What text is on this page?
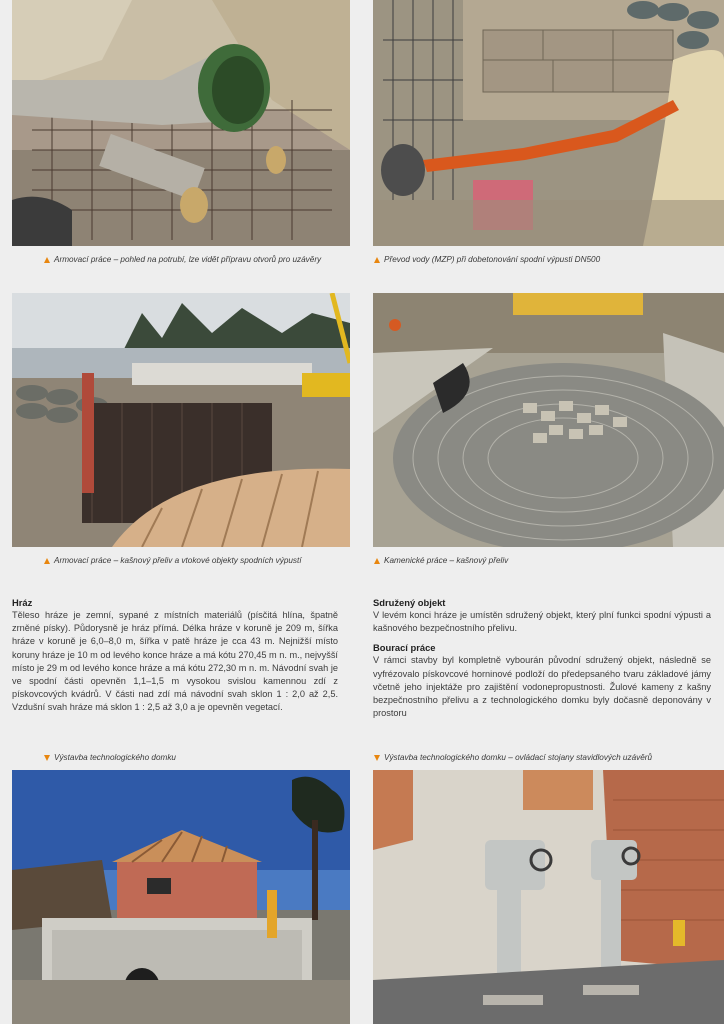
Armovací práce – pohled na potrubí, lze vidět přípravu otvorů pro uzávěry	Převod vody (MZP) při dobetonování spodní výpusti DN500
Armovací práce – kašnový přeliv a vtokové objekty spodních výpustí	Kamenické práce – kašnový přeliv
Hráz

Těleso hráze je zemní, sypané z místních materiálů (písčitá hlína, špatně zrněné písky). Půdorysně je hráz přímá. Délka hráze v koruně je 209 m, šířka hráze v koruně je 6,0–8,0 m, šířka v patě hráze je cca 43 m. Nejnižší místo koruny hráze je 10 m od levého konce hráze a má kótu 270,45 m n. m., nejvyšší místo je 29 m od levého konce hráze a má kótu 272,30 m n. m. Návodní svah je ve spodní části opevněn 1,1–1,5 m vysokou svislou kamennou zdí z pískovcových kvádrů. V části nad zdí má návodní svah sklon 1 : 2,0 až 2,5. Vzdušní svah hráze má sklon 1 : 2,5 až 3,0 a je opevněn vegetací.

Sdružený objekt

V levém konci hráze je umístěn sdružený objekt, který plní funkci spodní výpusti a kašnového bezpečnostního přelivu.

Bourací práce

V rámci stavby byl kompletně vybourán původní sdružený objekt, následně se vyfrézovalo pískovcové horninové podloží do předepsaného tvaru základové jámy včetně jeho injektáže pro zajištění vodonepropustnosti. Žulové kameny z kašny bezpečnostního přelivu a z technologického domku byly dočasně deponovány v prostoru

Výstavba technologického domku	Výstavba technologického domku – ovládací stojany stavidlových uzávěrů
